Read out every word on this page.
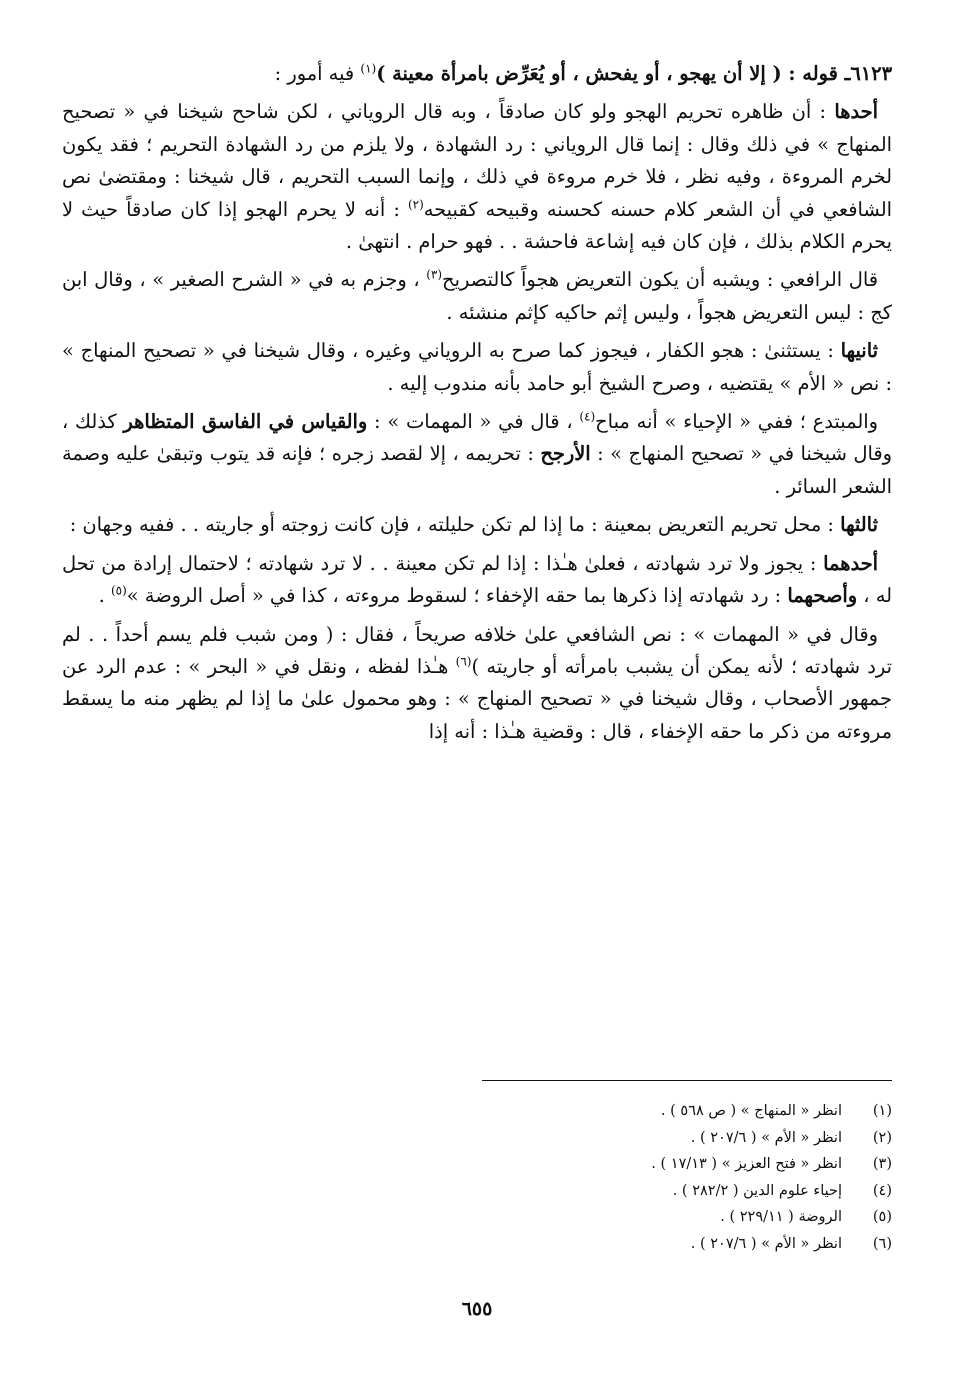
٦١٢٣ـ قوله : ( إلا أن يهجو ، أو يفحش ، أو يُعَرِّض بامرأة معينة )$^{(١)}$ فيه أمور :

أحدها : أن ظاهره تحريم الهجو ولو كان صادقاً ، وبه قال الروياني ، لكن شاحح شيخنا في « تصحيح المنهاج » في ذلك وقال : إنما قال الروياني : رد الشهادة ، ولا يلزم من رد الشهادة التحريم ؛ فقد يكون لخرم المروءة ، وفيه نظر ، فلا خرم مروءة في ذلك ، وإنما السبب التحريم ، قال شيخنا : ومقتضىٰ نص الشافعي في أن الشعر كلام حسنه كحسنه وقبيحه كقبيحه$^{(٢)}$ : أنه لا يحرم الهجو إذا كان صادقاً حيث لا يحرم الكلام بذلك ، فإن كان فيه إشاعة فاحشة . . فهو حرام . انتهىٰ .

قال الرافعي : ويشبه أن يكون التعريض هجواً كالتصريح$^{(٣)}$ ، وجزم به في « الشرح الصغير » ، وقال ابن كج : ليس التعريض هجواً ، وليس إثم حاكيه كإثم منشئه .

ثانيها : يستثنىٰ : هجو الكفار ، فيجوز كما صرح به الروياني وغيره ، وقال شيخنا في « تصحيح المنهاج » : نص « الأم » يقتضيه ، وصرح الشيخ أبو حامد بأنه مندوب إليه .

والمبتدع ؛ ففي « الإحياء » أنه مباح$^{(٤)}$ ، قال في « المهمات » : والقياس في الفاسق المتظاهر كذلك ، وقال شيخنا في « تصحيح المنهاج » : الأرجح : تحريمه ، إلا لقصد زجره ؛ فإنه قد يتوب وتبقىٰ عليه وصمة الشعر السائر .

ثالثها : محل تحريم التعريض بمعينة : ما إذا لم تكن حليلته ، فإن كانت زوجته أو جاريته . . ففيه وجهان :

أحدهما : يجوز ولا ترد شهادته ، فعلىٰ هـٰذا : إذا لم تكن معينة . . لا ترد شهادته ؛ لاحتمال إرادة من تحل له ، وأصحهما : رد شهادته إذا ذكرها بما حقه الإخفاء ؛ لسقوط مروءته ، كذا في « أصل الروضة »$^{(٥)}$ .

وقال في « المهمات » : نص الشافعي علىٰ خلافه صريحاً ، فقال : ( ومن شبب فلم يسم أحداً . . لم ترد شهادته ؛ لأنه يمكن أن يشبب بامرأته أو جاريته )$^{(٦)}$ هـٰذا لفظه ، ونقل في « البحر » : عدم الرد عن جمهور الأصحاب ، وقال شيخنا في « تصحيح المنهاج » : وهو محمول علىٰ ما إذا لم يظهر منه ما يسقط مروءته من ذكر ما حقه الإخفاء ، قال : وقضية هـٰذا : أنه إذا

(١)
انظر « المنهاج » ( ص ٥٦٨ ) .
(٢)
انظر « الأم » ( ٢٠٧/٦ ) .
(٣)
انظر « فتح العزيز » ( ١٧/١٣ ) .
(٤)
إحياء علوم الدين ( ٢٨٢/٢ ) .
(٥)
الروضة ( ٢٢٩/١١ ) .
(٦)
انظر « الأم » ( ٢٠٧/٦ ) .
٦٥٥
